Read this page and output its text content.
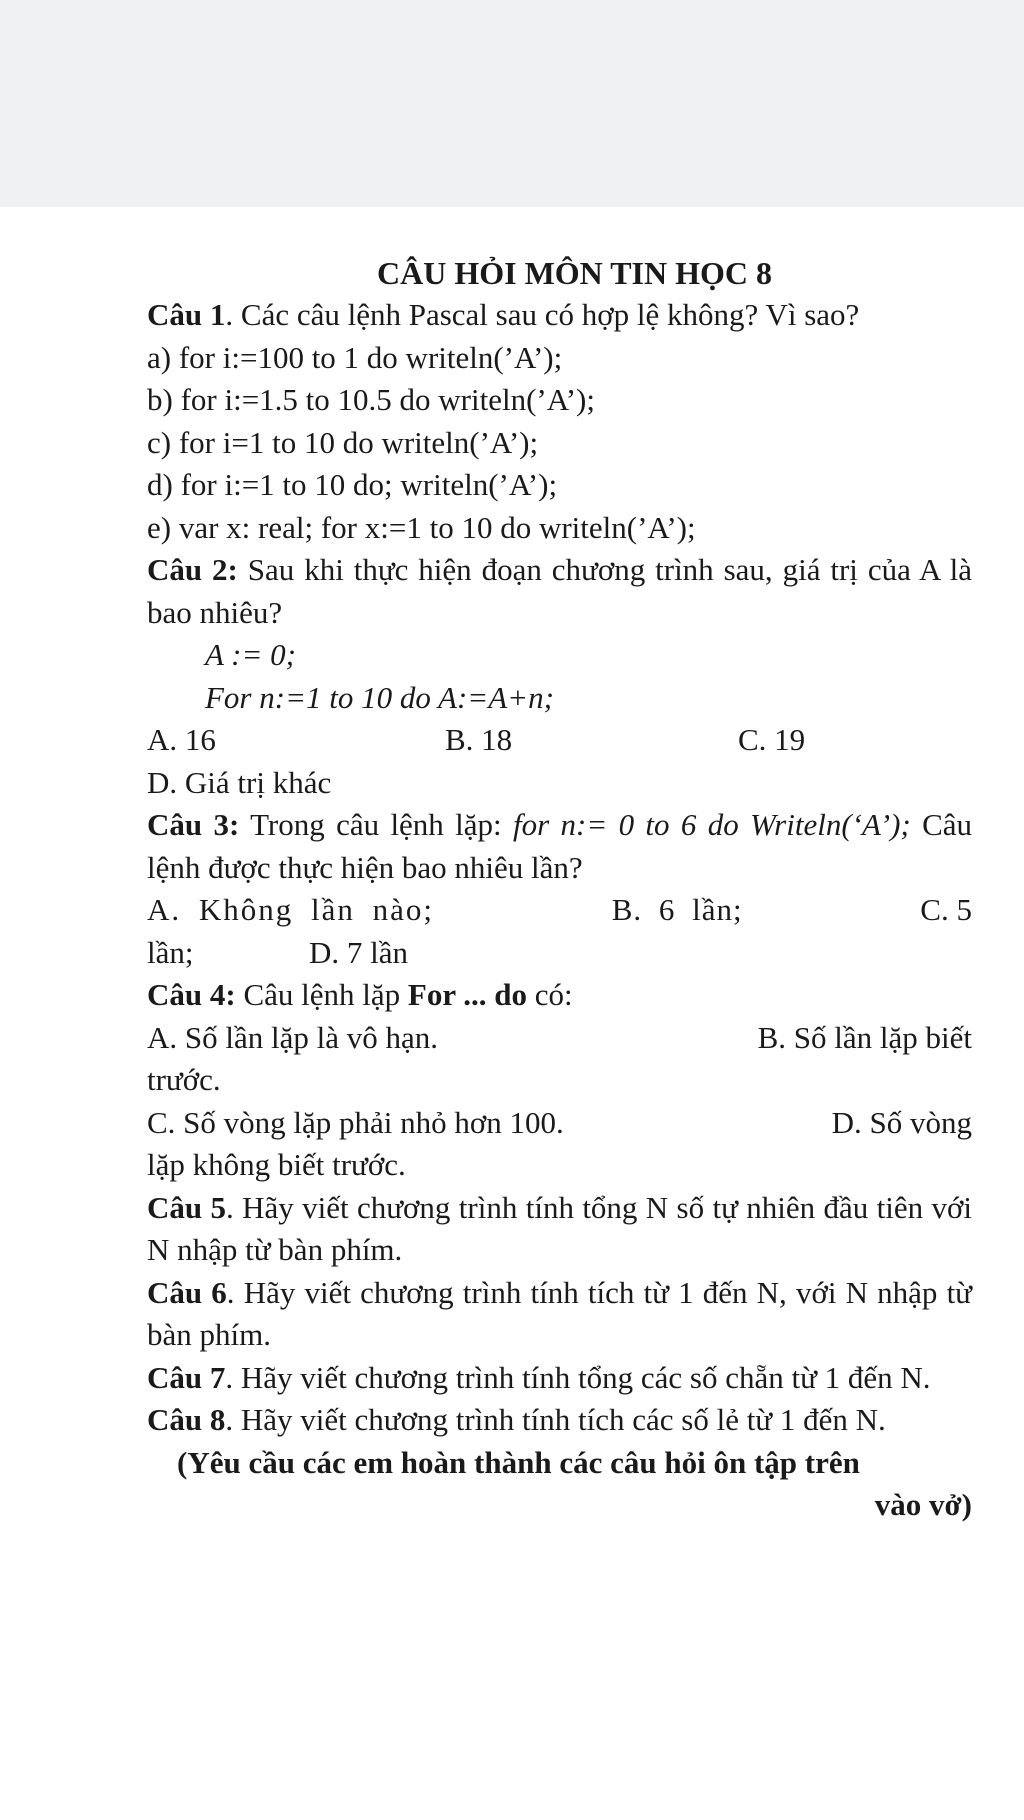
CÂU HỎI MÔN TIN HỌC 8

Câu 1. Các câu lệnh Pascal sau có hợp lệ không? Vì sao?

a) for i:=100 to 1 do writeln(’A’);

b) for i:=1.5 to 10.5 do writeln(’A’);

c) for i=1 to 10 do writeln(’A’);

d) for i:=1 to 10 do; writeln(’A’);

e) var x: real; for x:=1 to 10 do writeln(’A’);

Câu 2: Sau khi thực hiện đoạn chương trình sau, giá trị của A là bao nhiêu?

A := 0;

For n:=1 to 10 do A:=A+n;

A. 16	B. 18	C. 19

D. Giá trị khác

Câu 3: Trong câu lệnh lặp: for n:= 0 to 6 do Writeln(‘A’); Câu lệnh được thực hiện bao nhiêu lần?

A. Không lần nào;	B. 6 lần;	C. 5

lần;	D. 7 lần

Câu 4: Câu lệnh lặp For ... do có:

A. Số lần lặp là vô hạn.	B. Số lần lặp biết

trước.

C. Số vòng lặp phải nhỏ hơn 100.	D. Số vòng

lặp không biết trước.

Câu 5. Hãy viết chương trình tính tổng N số tự nhiên đầu tiên với N nhập từ bàn phím.

Câu 6. Hãy viết chương trình tính tích từ 1 đến N, với N nhập từ bàn phím.

Câu 7. Hãy viết chương trình tính tổng các số chẵn từ 1 đến N.

Câu 8. Hãy viết chương trình tính tích các số lẻ từ 1 đến N.

(Yêu cầu các em hoàn thành các câu hỏi ôn tập trên

vào vở)
